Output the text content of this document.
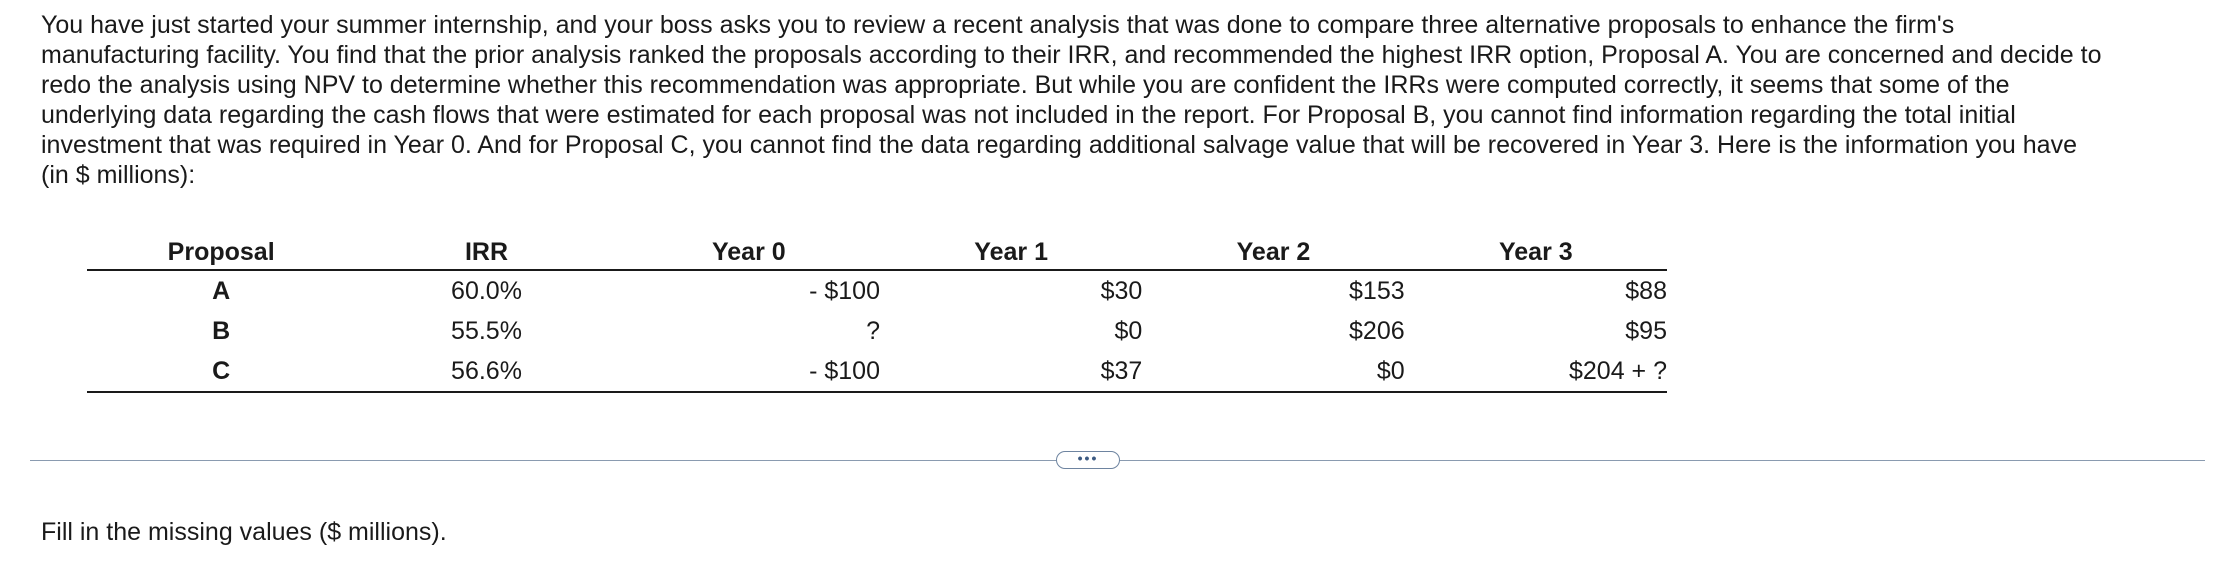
You have just started your summer internship, and your boss asks you to review a recent analysis that was done to compare three alternative proposals to enhance the firm's
manufacturing facility. You find that the prior analysis ranked the proposals according to their IRR, and recommended the highest IRR option, Proposal A. You are concerned and decide to
redo the analysis using NPV to determine whether this recommendation was appropriate. But while you are confident the IRRs were computed correctly, it seems that some of the
underlying data regarding the cash flows that were estimated for each proposal was not included in the report. For Proposal B, you cannot find information regarding the total initial
investment that was required in Year 0. And for Proposal C, you cannot find the data regarding additional salvage value that will be recovered in Year 3. Here is the information you have
(in $ millions):
Proposal	IRR	Year 0	Year 1	Year 2	Year 3
A	60.0%	- $100	$30	$153	$88
B	55.5%	?	$0	$206	$95
C	56.6%	- $100	$37	$0	$204 + ?
•••

Fill in the missing values ($ millions).
